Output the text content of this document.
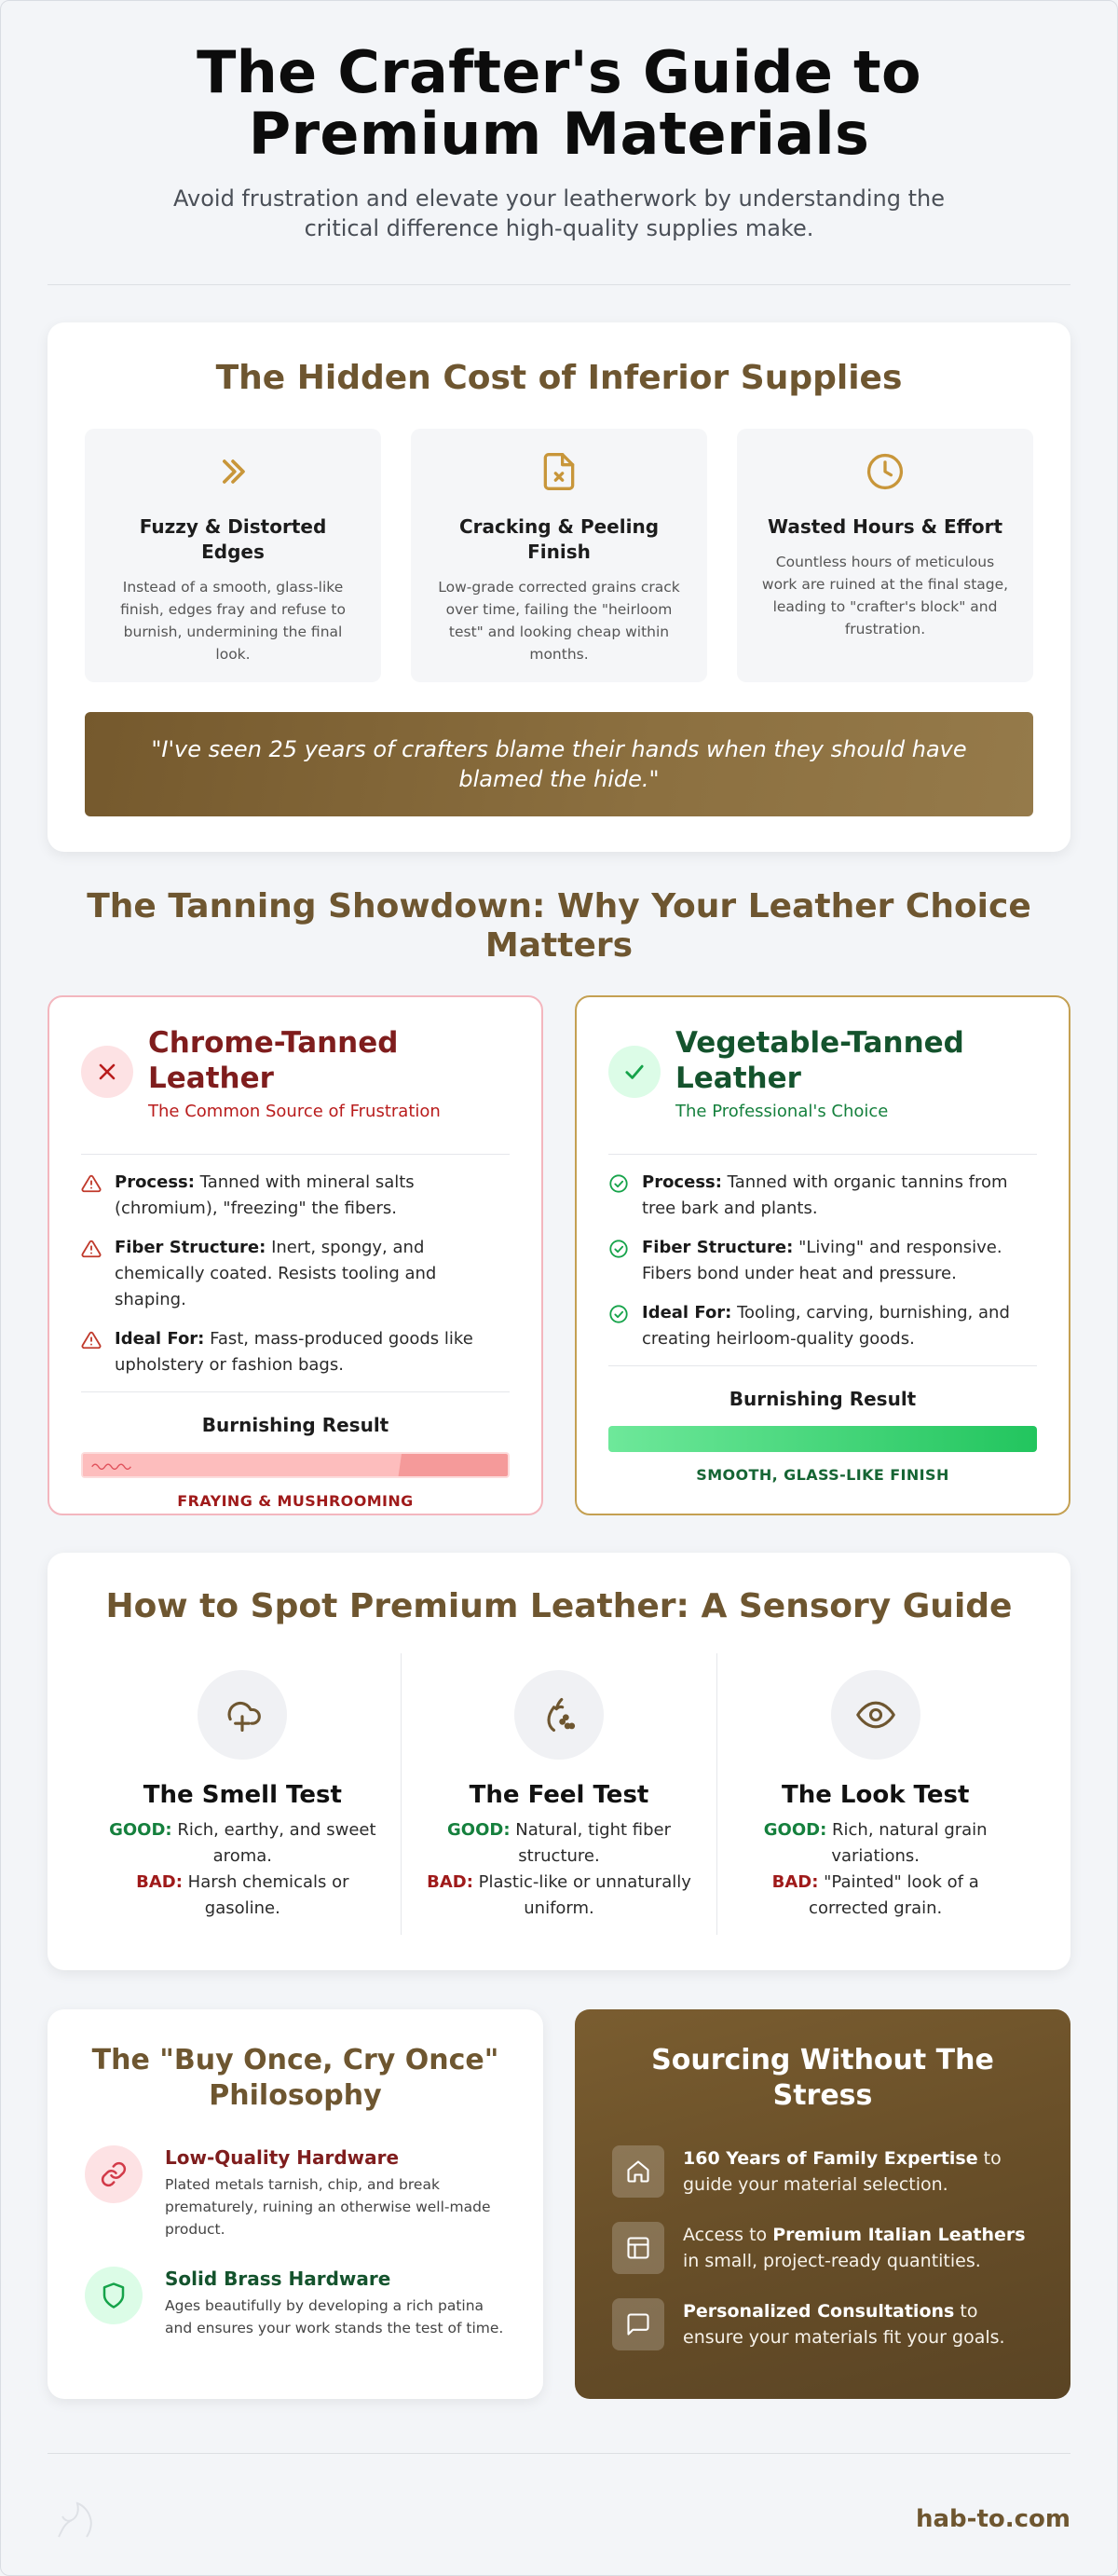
The Crafter's Guide to Premium Materials

Avoid frustration and elevate your leatherwork by understanding the critical difference high-quality supplies make.

The Hidden Cost of Inferior Supplies
Fuzzy & Distorted Edges

Instead of a smooth, glass-like finish, edges fray and refuse to burnish, undermining the final look.

Cracking & Peeling Finish

Low-grade corrected grains crack over time, failing the "heirloom test" and looking cheap within months.

Wasted Hours & Effort

Countless hours of meticulous work are ruined at the final stage, leading to "crafter's block" and frustration.

"I've seen 25 years of crafters blame their hands when they should have blamed the hide."

The Tanning Showdown: Why Your Leather Choice Matters
Chrome-Tanned Leather
The Common Source of Frustration

Process: Tanned with mineral salts (chromium), "freezing" the fibers.

Fiber Structure: Inert, spongy, and chemically coated. Resists tooling and shaping.

Ideal For: Fast, mass-produced goods like upholstery or fashion bags.

Burnishing Result
FRAYING & MUSHROOMING
Vegetable-Tanned Leather
The Professional's Choice

Process: Tanned with organic tannins from tree bark and plants.

Fiber Structure: "Living" and responsive. Fibers bond under heat and pressure.

Ideal For: Tooling, carving, burnishing, and creating heirloom-quality goods.

Burnishing Result
SMOOTH, GLASS-LIKE FINISH
How to Spot Premium Leather: A Sensory Guide
The Smell Test

GOOD: Rich, earthy, and sweet aroma.

BAD: Harsh chemicals or gasoline.

The Feel Test

GOOD: Natural, tight fiber structure.

BAD: Plastic-like or unnaturally uniform.

The Look Test

GOOD: Rich, natural grain variations.

BAD: "Painted" look of a corrected grain.

The "Buy Once, Cry Once" Philosophy
Low-Quality Hardware

Plated metals tarnish, chip, and break prematurely, ruining an otherwise well-made product.

Solid Brass Hardware

Ages beautifully by developing a rich patina and ensures your work stands the test of time.

Sourcing Without The Stress

160 Years of Family Expertise to guide your material selection.

Access to Premium Italian Leathers in small, project-ready quantities.

Personalized Consultations to ensure your materials fit your goals.

hab-to.com
